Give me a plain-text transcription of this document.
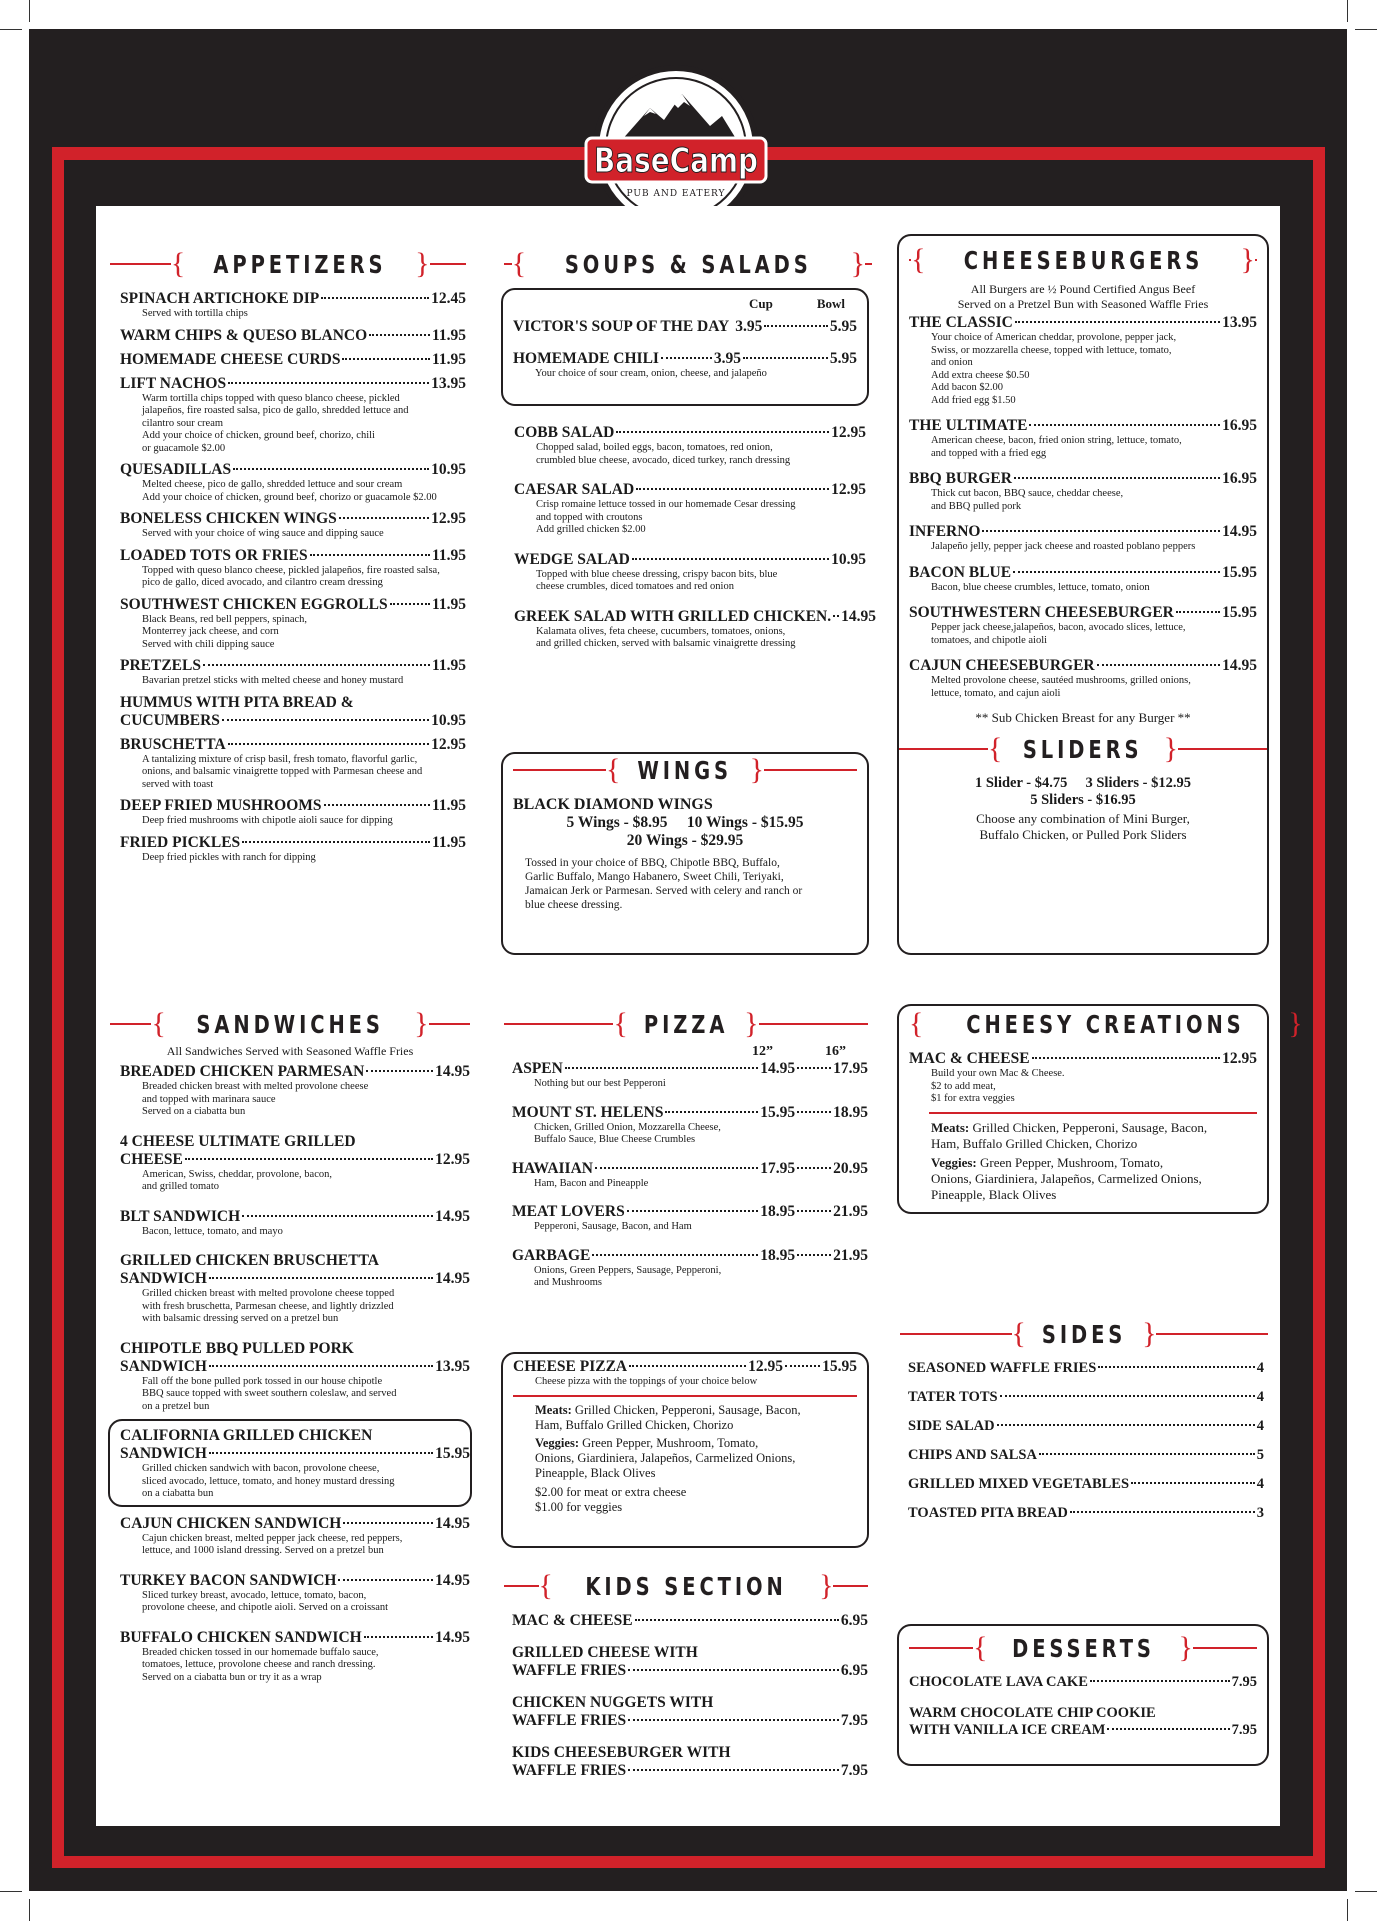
BaseCamp
PUB AND EATERY
{ APPETIZERS }
SPINACH ARTICHOKE DIP	12.45
Served with tortilla chips
WARM CHIPS & QUESO BLANCO	11.95
HOMEMADE CHEESE CURDS	11.95
LIFT NACHOS	13.95
Warm tortilla chips topped with queso blanco cheese, pickled
jalapeños, fire roasted salsa, pico de gallo, shredded lettuce and
cilantro sour cream
Add your choice of chicken, ground beef, chorizo, chili
or guacamole $2.00
QUESADILLAS	10.95
Melted cheese, pico de gallo, shredded lettuce and sour cream
Add your choice of chicken, ground beef, chorizo or guacamole $2.00
BONELESS CHICKEN WINGS	12.95
Served with your choice of wing sauce and dipping sauce
LOADED TOTS OR FRIES	11.95
Topped with queso blanco cheese, pickled jalapeños, fire roasted salsa,
pico de gallo, diced avocado, and cilantro cream dressing
SOUTHWEST CHICKEN EGGROLLS	11.95
Black Beans, red bell peppers, spinach,
Monterrey jack cheese, and corn
Served with chili dipping sauce
PRETZELS	11.95
Bavarian pretzel sticks with melted cheese and honey mustard
HUMMUS WITH PITA BREAD &
CUCUMBERS	10.95
BRUSCHETTA	12.95
A tantalizing mixture of crisp basil, fresh tomato, flavorful garlic,
onions, and balsamic vinaigrette topped with Parmesan cheese and
served with toast
DEEP FRIED MUSHROOMS	11.95
Deep fried mushrooms with chipotle aioli sauce for dipping
FRIED PICKLES	11.95
Deep fried pickles with ranch for dipping
{ SOUPS & SALADS }
Cup	Bowl
VICTOR'S SOUP OF THE DAY 3.95	5.95
HOMEMADE CHILI	3.95	5.95
Your choice of sour cream, onion, cheese, and jalapeño
COBB SALAD	12.95
Chopped salad, boiled eggs, bacon, tomatoes, red onion,
crumbled blue cheese, avocado, diced turkey, ranch dressing
CAESAR SALAD	12.95
Crisp romaine lettuce tossed in our homemade Cesar dressing
and topped with croutons
Add grilled chicken $2.00
WEDGE SALAD	10.95
Topped with blue cheese dressing, crispy bacon bits, blue
cheese crumbles, diced tomatoes and red onion
GREEK SALAD WITH GRILLED CHICKEN. 14.95
Kalamata olives, feta cheese, cucumbers, tomatoes, onions,
and grilled chicken, served with balsamic vinaigrette dressing
{ WINGS }
BLACK DIAMOND WINGS
5 Wings - $8.95     10 Wings - $15.95
20 Wings - $29.95
Tossed in your choice of BBQ, Chipotle BBQ, Buffalo,
Garlic Buffalo, Mango Habanero, Sweet Chili, Teriyaki,
Jamaican Jerk or Parmesan. Served with celery and ranch or
blue cheese dressing.
{ CHEESEBURGERS }
All Burgers are ½ Pound Certified Angus Beef
Served on a Pretzel Bun with Seasoned Waffle Fries
THE CLASSIC	13.95
Your choice of American cheddar, provolone, pepper jack,
Swiss, or mozzarella cheese, topped with lettuce, tomato,
and onion
Add extra cheese $0.50
Add bacon $2.00
Add fried egg $1.50
THE ULTIMATE	16.95
American cheese, bacon, fried onion string, lettuce, tomato,
and topped with a fried egg
BBQ BURGER	16.95
Thick cut bacon, BBQ sauce, cheddar cheese,
and BBQ pulled pork
INFERNO	14.95
Jalapeño jelly, pepper jack cheese and roasted poblano peppers
BACON BLUE	15.95
Bacon, blue cheese crumbles, lettuce, tomato, onion
SOUTHWESTERN CHEESEBURGER	15.95
Pepper jack cheese,jalapeños, bacon, avocado slices, lettuce,
tomatoes, and chipotle aioli
CAJUN CHEESEBURGER	14.95
Melted provolone cheese, sautéed mushrooms, grilled onions,
lettuce, tomato, and cajun aioli
** Sub Chicken Breast for any Burger **
{ SLIDERS }
1 Slider - $4.75     3 Sliders - $12.95
5 Sliders - $16.95
Choose any combination of Mini Burger,
Buffalo Chicken, or Pulled Pork Sliders
{ SANDWICHES }
All Sandwiches Served with Seasoned Waffle Fries
BREADED CHICKEN PARMESAN	14.95
Breaded chicken breast with melted provolone cheese
and topped with marinara sauce
Served on a ciabatta bun
4 CHEESE ULTIMATE GRILLED
CHEESE	12.95
American, Swiss, cheddar, provolone, bacon,
and grilled tomato
BLT SANDWICH	14.95
Bacon, lettuce, tomato, and mayo
GRILLED CHICKEN BRUSCHETTA
SANDWICH	14.95
Grilled chicken breast with melted provolone cheese topped
with fresh bruschetta, Parmesan cheese, and lightly drizzled
with balsamic dressing served on a pretzel bun
CHIPOTLE BBQ PULLED PORK
SANDWICH	13.95
Fall off the bone pulled pork tossed in our house chipotle
BBQ sauce topped with sweet southern coleslaw, and served
on a pretzel bun
CALIFORNIA GRILLED CHICKEN
SANDWICH	15.95
Grilled chicken sandwich with bacon, provolone cheese,
sliced avocado, lettuce, tomato, and honey mustard dressing
on a ciabatta bun
CAJUN CHICKEN SANDWICH	14.95
Cajun chicken breast, melted pepper jack cheese, red peppers,
lettuce, and 1000 island dressing. Served on a pretzel bun
TURKEY BACON SANDWICH	14.95
Sliced turkey breast, avocado, lettuce, tomato, bacon,
provolone cheese, and chipotle aioli. Served on a croissant
BUFFALO CHICKEN SANDWICH	14.95
Breaded chicken tossed in our homemade buffalo sauce,
tomatoes, lettuce, provolone cheese and ranch dressing.
Served on a ciabatta bun or try it as a wrap
{ PIZZA }
12”	16”
ASPEN	14.95 17.95
Nothing but our best Pepperoni
MOUNT ST. HELENS	15.95 18.95
Chicken, Grilled Onion, Mozzarella Cheese,
Buffalo Sauce, Blue Cheese Crumbles
HAWAIIAN	17.95 20.95
Ham, Bacon and Pineapple
MEAT LOVERS	18.95 21.95
Pepperoni, Sausage, Bacon, and Ham
GARBAGE	18.95 21.95
Onions, Green Peppers, Sausage, Pepperoni,
and Mushrooms
CHEESE PIZZA	12.95	15.95
Cheese pizza with the toppings of your choice below
Meats: Grilled Chicken, Pepperoni, Sausage, Bacon,
Ham, Buffalo Grilled Chicken, Chorizo
Veggies: Green Pepper, Mushroom, Tomato,
Onions, Giardiniera, Jalapeños, Carmelized Onions,
Pineapple, Black Olives
$2.00 for meat or extra cheese
$1.00 for veggies
{ KIDS SECTION }
MAC & CHEESE	6.95
GRILLED CHEESE WITH
WAFFLE FRIES	6.95
CHICKEN NUGGETS WITH
WAFFLE FRIES	7.95
KIDS CHEESEBURGER WITH
WAFFLE FRIES	7.95
{ CHEESY CREATIONS }
MAC & CHEESE	12.95
Build your own Mac & Cheese.
$2 to add meat,
$1 for extra veggies
Meats: Grilled Chicken, Pepperoni, Sausage, Bacon,
Ham, Buffalo Grilled Chicken, Chorizo
Veggies: Green Pepper, Mushroom, Tomato,
Onions, Giardiniera, Jalapeños, Carmelized Onions,
Pineapple, Black Olives
{ SIDES }
SEASONED WAFFLE FRIES	4
TATER TOTS	4
SIDE SALAD	4
CHIPS AND SALSA	5
GRILLED MIXED VEGETABLES	4
TOASTED PITA BREAD	3
{ DESSERTS }
CHOCOLATE LAVA CAKE	7.95
WARM CHOCOLATE CHIP COOKIE
WITH VANILLA ICE CREAM	7.95
